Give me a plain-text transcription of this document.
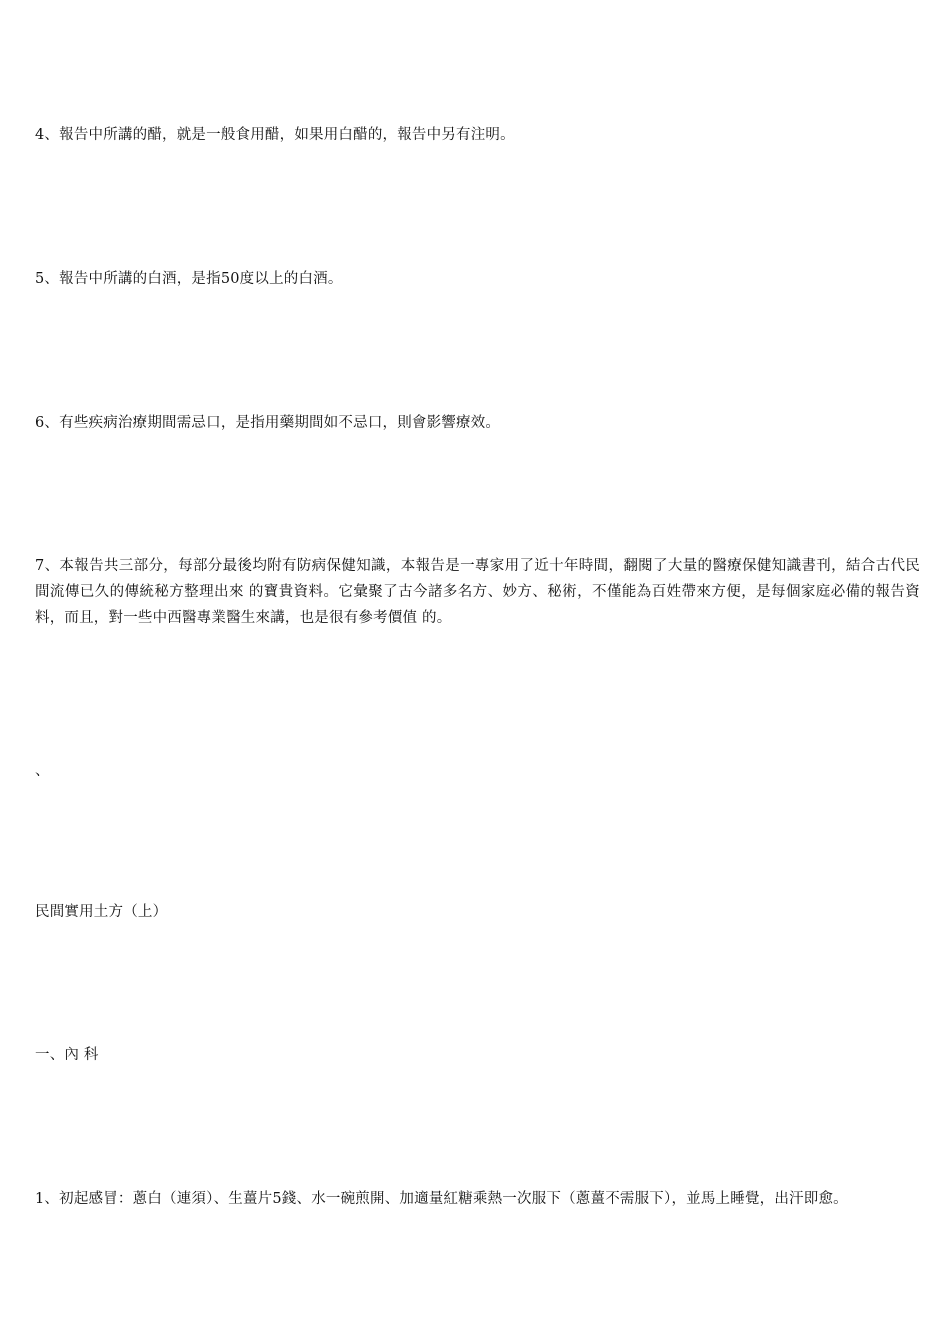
4、報告中所講的醋，就是一般食用醋，如果用白醋的，報告中另有注明。

5、報告中所講的白酒，是指50度以上的白酒。

6、有些疾病治療期間需忌口，是指用藥期間如不忌口，則會影響療效。

7、本報告共三部分，每部分最後均附有防病保健知識，本報告是一專家用了近十年時間，翻閱了大量的醫療保健知識書刊，結合古代民間流傳已久的傳統秘方整理出來 的寶貴資料。它彙聚了古今諸多名方、妙方、秘術，不僅能為百姓帶來方便，是每個家庭必備的報告資料，而且，對一些中西醫專業醫生來講，也是很有參考價值 的。

、

民間實用土方（上）

一、內 科

1、初起感冒：蔥白（連須）、生薑片5錢、水一碗煎開、加適量紅糖乘熱一次服下（蔥薑不需服下），並馬上睡覺，出汗即愈。
